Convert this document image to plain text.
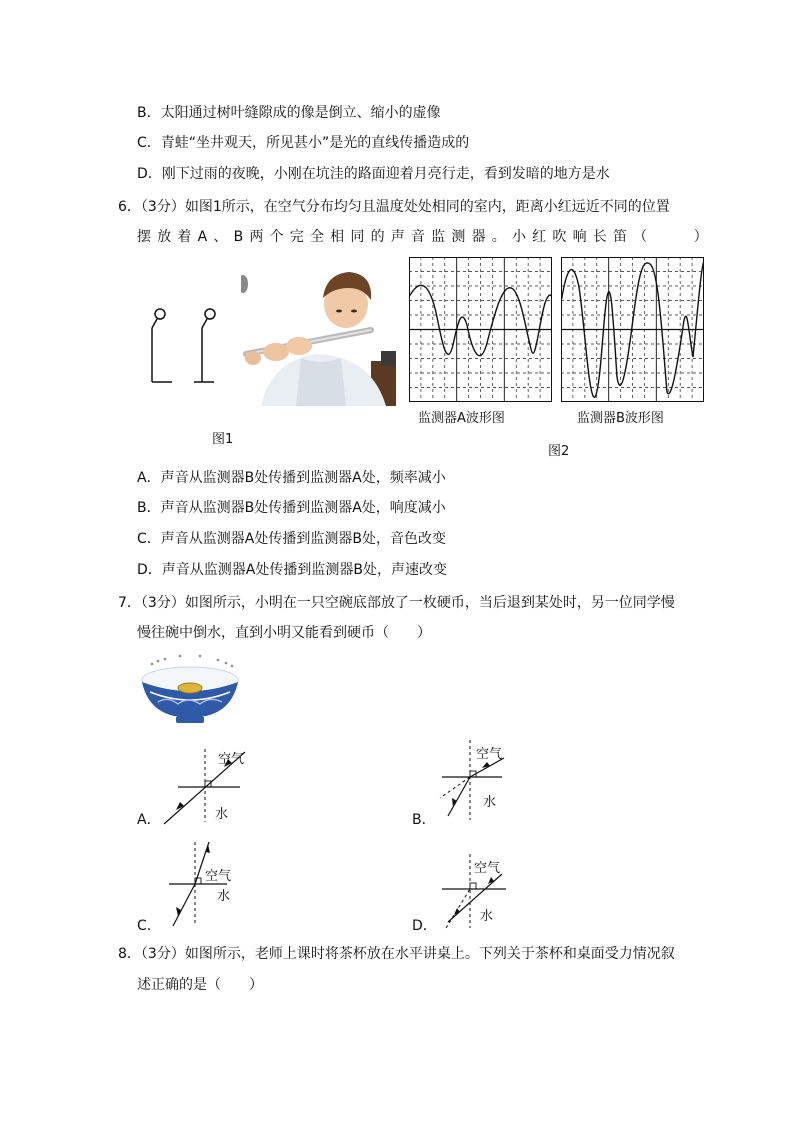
B．太阳通过树叶缝隙成的像是倒立、缩小的虚像
C．青蛙“坐井观天，所见甚小”是光的直线传播造成的
D．刚下过雨的夜晚，小刚在坑洼的路面迎着月亮行走，看到发暗的地方是水
6．（3分）如图1所示，在空气分布均匀且温度处处相同的室内，距离小红远近不同的位置
摆放着A、B两个完全相同的声音监测器。小红吹响长笛（　　）
监测器A波形图	监测器B波形图
图1
图2
A．声音从监测器B处传播到监测器A处，频率减小
B．声音从监测器B处传播到监测器A处，响度减小
C．声音从监测器A处传播到监测器B处，音色改变
D．声音从监测器A处传播到监测器B处，声速改变
7．（3分）如图所示，小明在一只空碗底部放了一枚硬币，当后退到某处时，另一位同学慢
慢往碗中倒水，直到小明又能看到硬币（　　）
空气
水
A．
空气
水
B．
空气
水
C．
空气
水
D．
8．（3分）如图所示，老师上课时将茶杯放在水平讲桌上。下列关于茶杯和桌面受力情况叙
述正确的是（　　）
